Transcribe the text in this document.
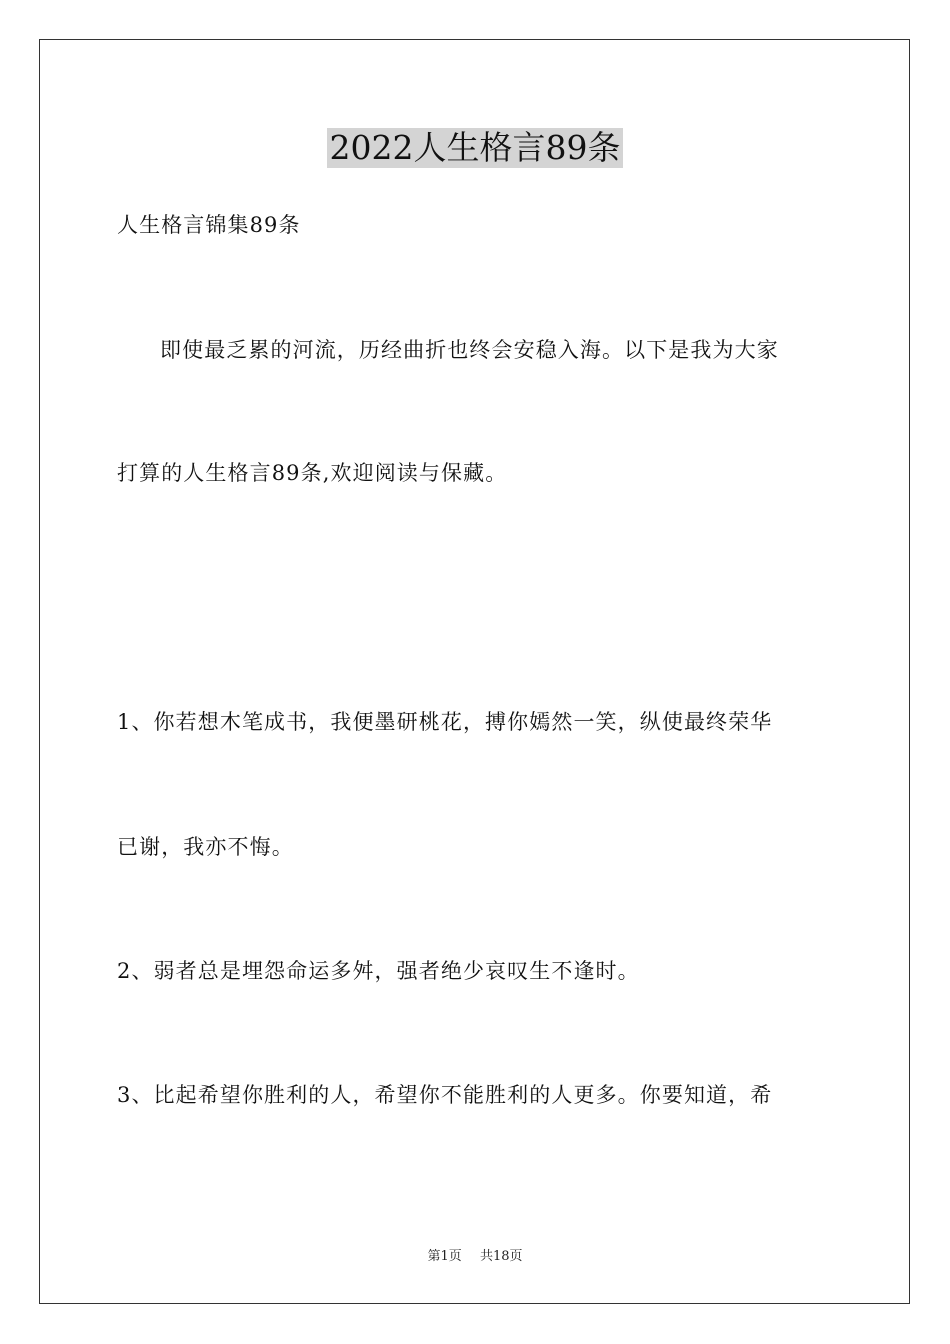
2022人生格言89条
人生格言锦集89条
即使最乏累的河流，历经曲折也终会安稳入海。以下是我为大家
打算的人生格言89条,欢迎阅读与保藏。
1、你若想木笔成书，我便墨研桃花，搏你嫣然一笑，纵使最终荣华
已谢，我亦不悔。
2、弱者总是埋怨命运多舛，强者绝少哀叹生不逢时。
3、比起希望你胜利的人，希望你不能胜利的人更多。你要知道，希
第1页 共18页
